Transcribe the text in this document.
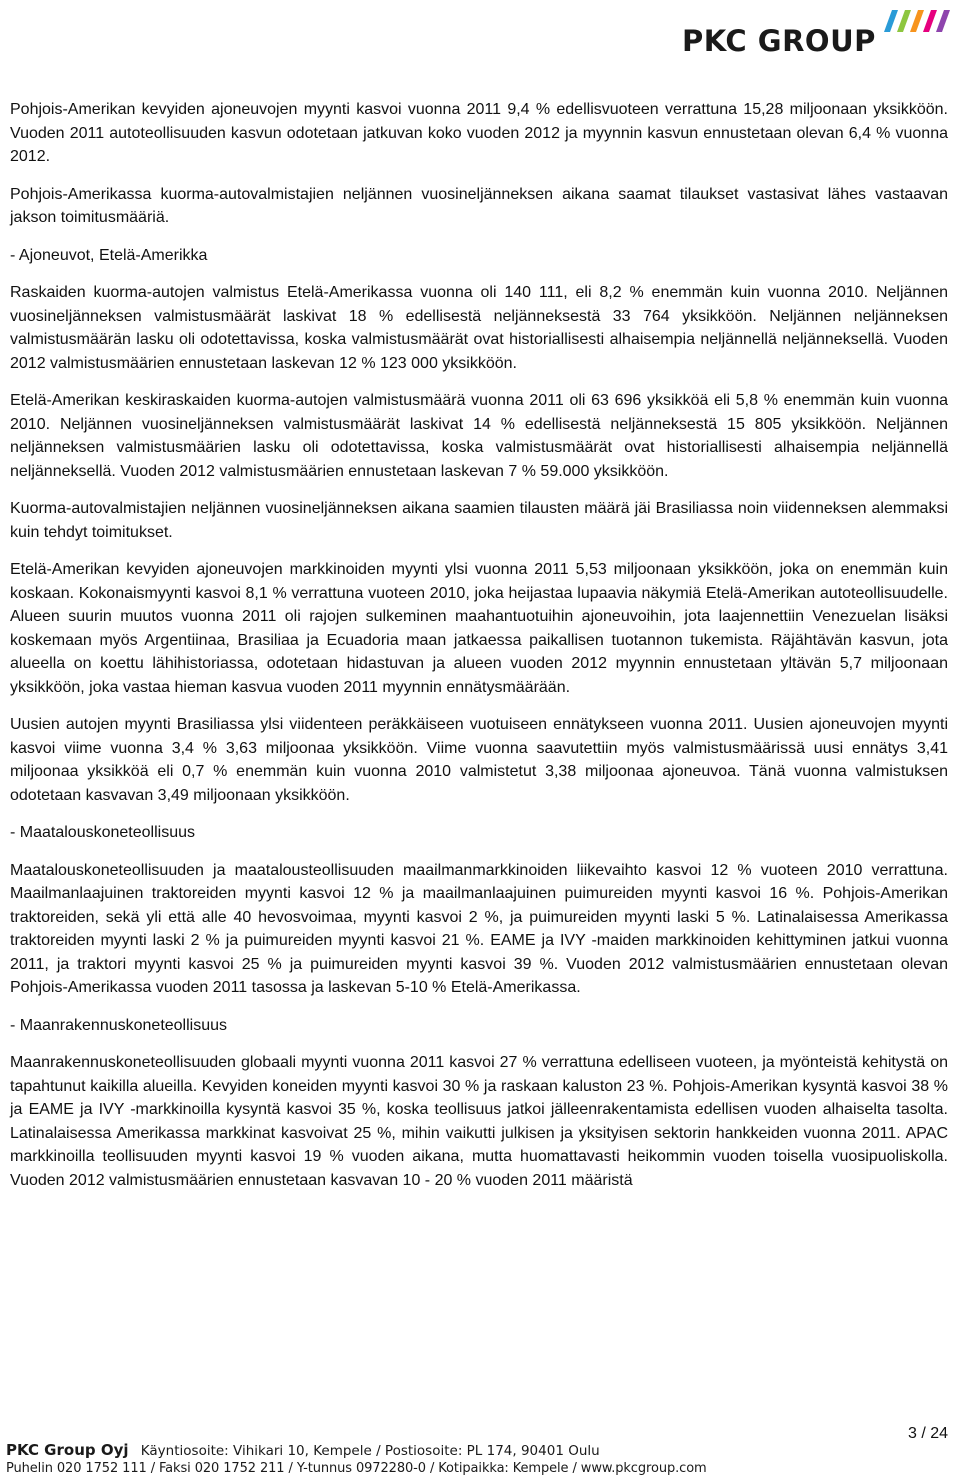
PKC GROUP

Pohjois-Amerikan kevyiden ajoneuvojen myynti kasvoi vuonna 2011 9,4 % edellisvuoteen verrattuna 15,28 miljoonaan yksikköön. Vuoden 2011 autoteollisuuden kasvun odotetaan jatkuvan koko vuoden 2012 ja myynnin kasvun ennustetaan olevan 6,4 % vuonna 2012.

Pohjois-Amerikassa kuorma-autovalmistajien neljännen vuosineljänneksen aikana saamat tilaukset vastasivat lähes vastaavan jakson toimitusmääriä.

- Ajoneuvot, Etelä-Amerikka

Raskaiden kuorma-autojen valmistus Etelä-Amerikassa vuonna oli 140 111, eli 8,2 % enemmän kuin vuonna 2010. Neljännen vuosineljänneksen valmistusmäärät laskivat 18 % edellisestä neljänneksestä 33 764 yksikköön. Neljännen neljänneksen valmistusmäärän lasku oli odotettavissa, koska valmistusmäärät ovat historiallisesti alhaisempia neljännellä neljänneksellä. Vuoden 2012 valmistusmäärien ennustetaan laskevan 12 % 123 000 yksikköön.

Etelä-Amerikan keskiraskaiden kuorma-autojen valmistusmäärä vuonna 2011 oli 63 696 yksikköä eli 5,8 % enemmän kuin vuonna 2010. Neljännen vuosineljänneksen valmistusmäärät laskivat 14 % edellisestä neljänneksestä 15 805 yksikköön. Neljännen neljänneksen valmistusmäärien lasku oli odotettavissa, koska valmistusmäärät ovat historiallisesti alhaisempia neljännellä neljänneksellä. Vuoden 2012 valmistusmäärien ennustetaan laskevan 7 % 59.000 yksikköön.

Kuorma-autovalmistajien neljännen vuosineljänneksen aikana saamien tilausten määrä jäi Brasiliassa noin viidenneksen alemmaksi kuin tehdyt toimitukset.

Etelä-Amerikan kevyiden ajoneuvojen markkinoiden myynti ylsi vuonna 2011 5,53 miljoonaan yksikköön, joka on enemmän kuin koskaan. Kokonaismyynti kasvoi 8,1 % verrattuna vuoteen 2010, joka heijastaa lupaavia näkymiä Etelä-Amerikan autoteollisuudelle. Alueen suurin muutos vuonna 2011 oli rajojen sulkeminen maahantuotuihin ajoneuvoihin, jota laajennettiin Venezuelan lisäksi koskemaan myös Argentiinaa, Brasiliaa ja Ecuadoria maan jatkaessa paikallisen tuotannon tukemista. Räjähtävän kasvun, jota alueella on koettu lähihistoriassa, odotetaan hidastuvan ja alueen vuoden 2012 myynnin ennustetaan yltävän 5,7 miljoonaan yksikköön, joka vastaa hieman kasvua vuoden 2011 myynnin ennätysmäärään.

Uusien autojen myynti Brasiliassa ylsi viidenteen peräkkäiseen vuotuiseen ennätykseen vuonna 2011. Uusien ajoneuvojen myynti kasvoi viime vuonna 3,4 % 3,63 miljoonaa yksikköön. Viime vuonna saavutettiin myös valmistusmäärissä uusi ennätys 3,41 miljoonaa yksikköä eli 0,7 % enemmän kuin vuonna 2010 valmistetut 3,38 miljoonaa ajoneuvoa. Tänä vuonna valmistuksen odotetaan kasvavan 3,49 miljoonaan yksikköön.

- Maatalouskoneteollisuus

Maatalouskoneteollisuuden ja maatalousteollisuuden maailmanmarkkinoiden liikevaihto kasvoi 12 % vuoteen 2010 verrattuna. Maailmanlaajuinen traktoreiden myynti kasvoi 12 % ja maailmanlaajuinen puimureiden myynti kasvoi 16 %. Pohjois-Amerikan traktoreiden, sekä yli että alle 40 hevosvoimaa, myynti kasvoi 2 %, ja puimureiden myynti laski 5 %. Latinalaisessa Amerikassa traktoreiden myynti laski 2 % ja puimureiden myynti kasvoi 21 %. EAME ja IVY -maiden markkinoiden kehittyminen jatkui vuonna 2011, ja traktori myynti kasvoi 25 % ja puimureiden myynti kasvoi 39 %. Vuoden 2012 valmistusmäärien ennustetaan olevan Pohjois-Amerikassa vuoden 2011 tasossa ja laskevan 5-10 % Etelä-Amerikassa.

- Maanrakennuskoneteollisuus

Maanrakennuskoneteollisuuden globaali myynti vuonna 2011 kasvoi 27 % verrattuna edelliseen vuoteen, ja myönteistä kehitystä on tapahtunut kaikilla alueilla. Kevyiden koneiden myynti kasvoi 30 % ja raskaan kaluston 23 %. Pohjois-Amerikan kysyntä kasvoi 38 % ja EAME ja IVY -markkinoilla kysyntä kasvoi 35 %, koska teollisuus jatkoi jälleenrakentamista edellisen vuoden alhaiselta tasolta. Latinalaisessa Amerikassa markkinat kasvoivat 25 %, mihin vaikutti julkisen ja yksityisen sektorin hankkeiden vuonna 2011. APAC markkinoilla teollisuuden myynti kasvoi 19 % vuoden aikana, mutta huomattavasti heikommin vuoden toisella vuosipuoliskolla. Vuoden 2012 valmistusmäärien ennustetaan kasvavan 10 - 20 % vuoden 2011 määristä

3 / 24
PKC Group Oyj Käyntiosoite: Vihikari 10, Kempele / Postiosoite: PL 174, 90401 Oulu
Puhelin 020 1752 111 / Faksi 020 1752 211 / Y-tunnus 0972280-0 / Kotipaikka: Kempele / www.pkcgroup.com
